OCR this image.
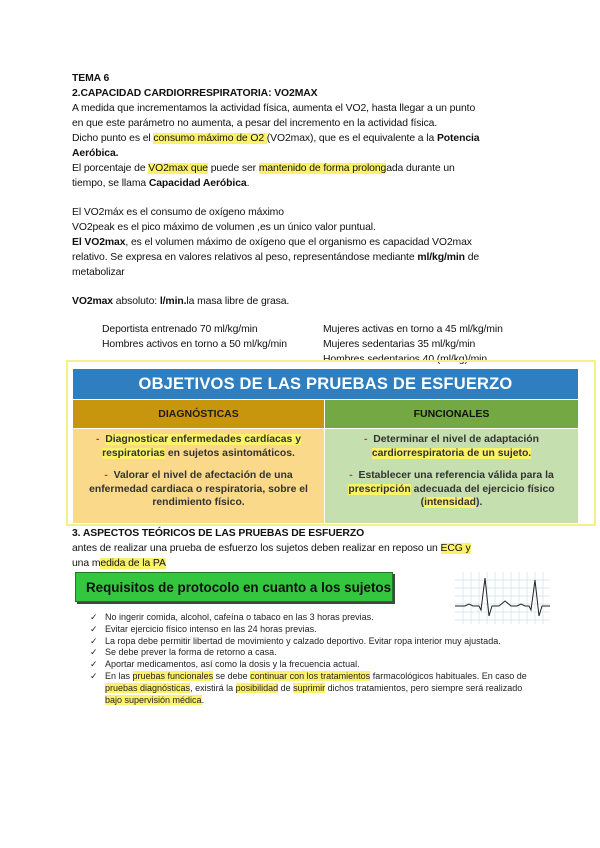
TEMA 6
2.CAPACIDAD CARDIORRESPIRATORIA: VO2MAX
A medida que incrementamos la actividad física, aumenta el VO2, hasta llegar a un punto
en que este parámetro no aumenta, a pesar del incremento en la actividad física.
Dicho punto es el consumo máximo de O2 (VO2max), que es el equivalente a la Potencia
Aeróbica.
El porcentaje de VO2max que puede ser mantenido de forma prolongada durante un
tiempo, se llama Capacidad Aeróbica.
El VO2máx es el consumo de oxígeno máximo
VO2peak es el pico máximo de volumen ,es un único valor puntual.
El VO2max, es el volumen máximo de oxígeno que el organismo es capacidad VO2max
relativo. Se expresa en valores relativos al peso, representándose mediante ml/kg/min de
metabolizar
VO2max absoluto: l/min.la masa libre de grasa.
Deportista entrenado 70 ml/kg/min
Hombres activos en torno a 50 ml/kg/min
Mujeres activas en torno a 45 ml/kg/min
Mujeres sedentarias 35 ml/kg/min
Hombres sedentarios 40 (ml/kg)/min.
OBJETIVOS DE LAS PRUEBAS DE ESFUERZO
DIAGNÓSTICAS	FUNCIONALES
- Diagnosticar enfermedades cardíacas y respiratorias en sujetos asintomáticos.
- Valorar el nivel de afectación de una enfermedad cardiaca o respiratoria, sobre el rendimiento físico.
- Determinar el nivel de adaptación
cardiorrespiratoria de un sujeto.
- Establecer una referencia válida para la prescripción adecuada del ejercicio físico (intensidad).
3. ASPECTOS TEÓRICOS DE LAS PRUEBAS DE ESFUERZO
antes de realizar una prueba de esfuerzo los sujetos deben realizar en reposo un ECG y
una medida de la PA
Requisitos de protocolo en cuanto a los sujetos
✓ No ingerir comida, alcohol, cafeína o tabaco en las 3 horas previas.
✓ Evitar ejercicio físico intenso en las 24 horas previas.
✓ La ropa debe permitir libertad de movimiento y calzado deportivo. Evitar ropa interior muy ajustada.
✓ Se debe prever la forma de retorno a casa.
✓ Aportar medicamentos, así como la dosis y la frecuencia actual.
✓ En las pruebas funcionales se debe continuar con los tratamientos farmacológicos habituales. En caso de
pruebas diagnósticas, existirá la posibilidad de suprimir dichos tratamientos, pero siempre será realizado
bajo supervisión médica.
